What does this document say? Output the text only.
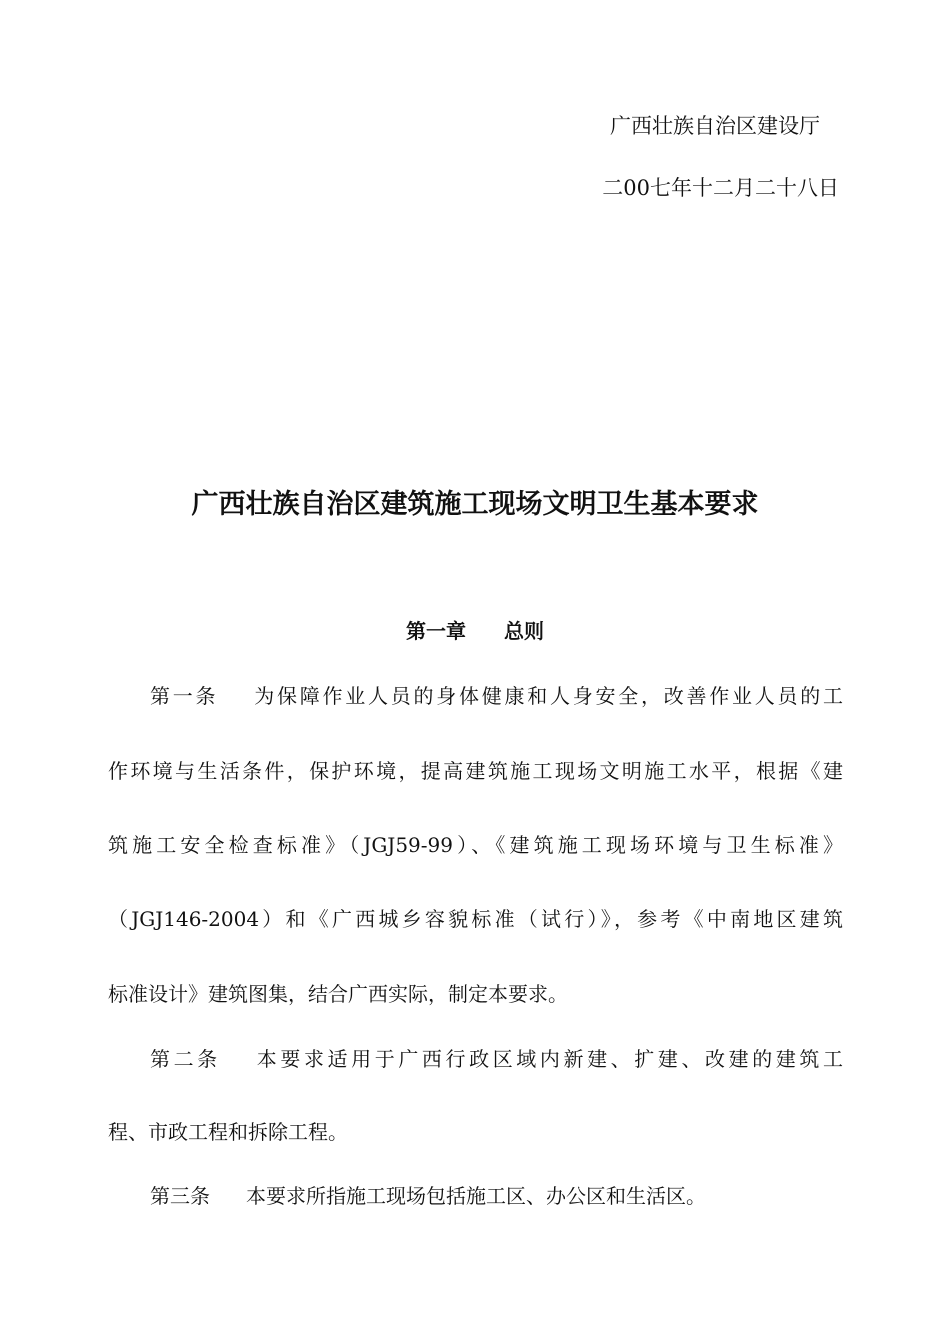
广西壮族自治区建设厅
二00七年十二月二十八日
广西壮族自治区建筑施工现场文明卫生基本要求
第一章 总则
第一条 为保障作业人员的身体健康和人身安全，改善作业人员的工
作环境与生活条件，保护环境，提高建筑施工现场文明施工水平，根据《建
筑施工安全检查标准》（JGJ59-99）、《建筑施工现场环境与卫生标准》
（JGJ146-2004）和《广西城乡容貌标准（试行）》，参考《中南地区建筑
标准设计》建筑图集，结合广西实际，制定本要求。
第二条 本要求适用于广西行政区域内新建、扩建、改建的建筑工
程、市政工程和拆除工程。
第三条 本要求所指施工现场包括施工区、办公区和生活区。
